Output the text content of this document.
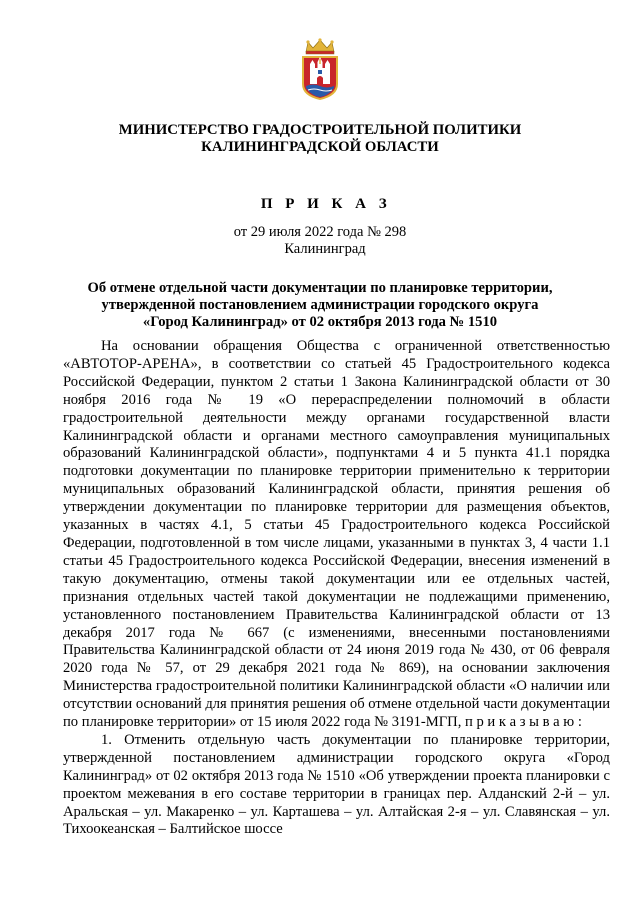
МИНИСТЕРСТВО ГРАДОСТРОИТЕЛЬНОЙ ПОЛИТИКИ
КАЛИНИНГРАДСКОЙ ОБЛАСТИ
П Р И К А З
от 29 июля 2022 года № 298
Калининград
Об отмене отдельной части документации по планировке территории,
утвержденной постановлением администрации городского округа
«Город Калининград» от 02 октября 2013 года № 1510

На основании обращения Общества с ограниченной ответственностью «АВТОТОР-АРЕНА», в соответствии со статьей 45 Градостроительного кодекса Российской Федерации, пунктом 2 статьи 1 Закона Калининградской области от 30 ноября 2016 года № 19 «О перераспределении полномочий в области градостроительной деятельности между органами государственной власти Калининградской области и органами местного самоуправления муниципальных образований Калининградской области», подпунктами 4 и 5 пункта 41.1 порядка подготовки документации по планировке территории применительно к территории муниципальных образований Калининградской области, принятия решения об утверждении документации по планировке территории для размещения объектов, указанных в частях 4.1, 5 статьи 45 Градостроительного кодекса Российской Федерации, подготовленной в том числе лицами, указанными в пунктах 3, 4 части 1.1 статьи 45 Градостроительного кодекса Российской Федерации, внесения изменений в такую документацию, отмены такой документации или ее отдельных частей, признания отдельных частей такой документации не подлежащими применению, установленного постановлением Правительства Калининградской области от 13 декабря 2017 года № 667 (с изменениями, внесенными постановлениями Правительства Калининградской области от 24 июня 2019 года № 430, от 06 февраля 2020 года № 57, от 29 декабря 2021 года № 869), на основании заключения Министерства градостроительной политики Калининградской области «О наличии или отсутствии оснований для принятия решения об отмене отдельной части документации по планировке территории» от 15 июля 2022 года № 3191-МГП, п р и к а з ы в а ю :

1. Отменить отдельную часть документации по планировке территории, утвержденной постановлением администрации городского округа «Город Калининград» от 02 октября 2013 года № 1510 «Об утверждении проекта планировки с проектом межевания в его составе территории в границах пер. Алданский 2-й – ул. Аральская – ул. Макаренко – ул. Карташева – ул. Алтайская 2-я – ул. Славянская – ул. Тихоокеанская – Балтийское шоссе
